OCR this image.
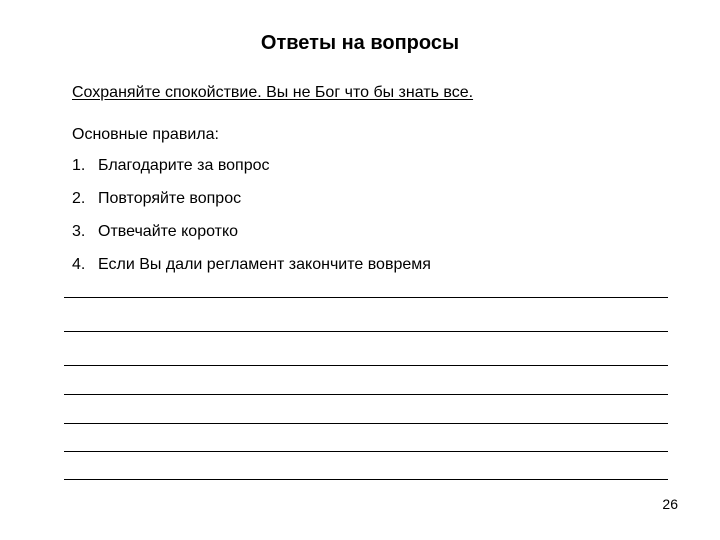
Ответы на вопросы
Сохраняйте спокойствие. Вы не Бог что бы знать все.
Основные правила:
1. Благодарите за вопрос
2. Повторяйте вопрос
3. Отвечайте коротко
4. Если Вы дали регламент закончите вовремя
26
